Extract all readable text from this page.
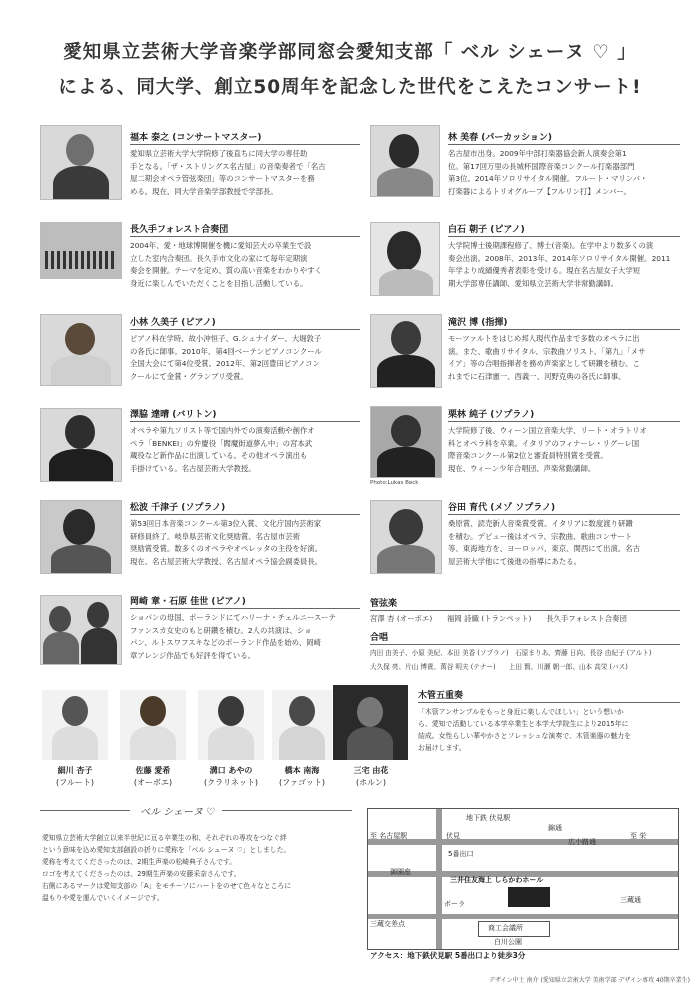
愛知県立芸術大学音楽学部同窓会愛知支部「 ベル シェーヌ ♡ 」
による、同大学、創立50周年を記念した世代をこえたコンサート!
福本 泰之 (コンサートマスター)
愛知県立芸術大学大学院修了後直ちに同大学の専任助
手となる。「ザ・ストリングス名古屋」の音楽奏者で「名古
屋二期会オペラ管弦楽団」等のコンサートマスターを務
める。現在、同大学音楽学部教授で学部長。
長久手フォレスト合奏団
2004年、愛・地球博開催を機に愛知芸大の卒業生で設
立した室内合奏団。長久手市文化の家にて毎年定期演
奏会を開催。テーマを定め、質の高い音楽をわかりやすく
身近に楽しんでいただくことを目指し活動している。
小林 久美子 (ピアノ)
ピアノ科在学時、故小沖恒子、G.シュナイダー、大堀敦子
の各氏に師事。2010年、第4回ベーテンピアノコンクール
全国大会にて第4位受賞。2012年、第2回豊田ピアノコン
クールにて金賞・グランプリ受賞。
澤脇 達晴 (バリトン)
オペラや第九ソリスト等で国内外での演奏活動や創作オ
ペラ「BENKEI」の弁慶役「閻魔街道夢ん中」の宮本武
蔵役など新作品に出演している。その他オペラ演出も
手掛けている。名古屋芸術大学教授。
松波 千津子 (ソプラノ)
第53回日本音楽コンクール第3位入賞、文化庁国内芸術家
研修員終了。岐阜県芸術文化奨励賞、名古屋市芸術
奨励賞受賞。数多くのオペラやオペレッタの主役を好演。
現在、名古屋芸術大学教授、名古屋オペラ協会副委員長。
岡崎 章・石原 佳世 (ピアノ)
ショパンの母国、ポーランドにてハリーナ・チェルニースーテ
ファンスカ女史のもと研鑽を積む。2人の共演は、ショ
パン、ルトスワフスキなどのポーランド作品を始め、岡崎
章アレンジ作品でも好評を得ている。
林 美春 (パーカッション)
名古屋市出身。2009年中部打楽器協会新人演奏会第1
位。第17回万里の長城杯国際音楽コンクール打楽器部門
第3位。2014年ソロリサイタル開催。フルート・マリンバ・
打楽器によるトリオグループ【フルリン打】メンバー。
白石 朝子 (ピアノ)
大学院博士後期課程修了、博士(音楽)。在学中より数多くの演
奏会出演。2008年、2013年、2014年ソロリサイタル開催。2011
年学より成績優秀者表彰を受ける。現在名古屋女子大学短
期大学部専任講師、愛知県立芸術大学非常勤講師。
滝沢 博 (指揮)
モーツァルトをはじめ邦人現代作品まで多数のオペラに出
演。また、歌曲リサイタル、宗教曲ソリスト、「第九」「メサ
イア」等の合唱指揮者を務め声楽家として研鑽を積む。こ
れまでに石津憲一、西義一、河野克典の各氏に師事。
Photo:Lukas Beck
栗林 純子 (ソプラノ)
大学院修了後、ウィーン国立音楽大学、リート・オラトリオ
科とオペラ科を卒業。イタリアのフィナーレ・リグーレ国
際音楽コンクール第2位と審査員特別賞を受賞。
現在、ウィーン少年合唱団、声楽常勤講師。
谷田 育代 (メゾ ソプラノ)
桑原賞、読売新人音楽賞受賞。イタリアに数度渡り研鑽
を積む。デビュー後はオペラ、宗教曲、歌曲コンサート
等、東海地方を、ヨーロッパ、東京、関西にて出演。名古
屋芸術大学他にて後進の指導にあたる。
管弦楽
宮澤 杏 (オーボエ)　　福岡 詩織 (トランペット)　　長久手フォレスト合奏団
合唱
内田 由美子、小原 美紀、本田 美香 (ソプラノ)　石原まりあ、齊藤 日向、長谷 由紀子 (アルト)
大久保 亮、片山 博貴、萬谷 明夫 (テナー)　　上田 賢、川瀬 朝一郎、山本 高栄 (バス)
細川 杏子
(フルート)
佐藤 愛希
(オーボエ)
溝口 あやの
(クラリネット)
橋本 南海
(ファゴット)
三宅 由花
(ホルン)
木管五重奏
「木管アンサンブルをもっと身近に楽しんでほしい」という想いか
ら、愛知で活動している本学卒業生と本学大学院生により2015年に
結成。女性らしい華やかさとフレッシュな演奏で、木管楽器の魅力を
お届けします。
ベル シェーヌ ♡
愛知県立芸術大学創立以来半世紀に亘る卒業生の和、それぞれの専攻をつなぐ絆
という意味を込め愛知支部創設の折りに愛称を「ベル シェーヌ ♡」としました。
愛称を考えてくださったのは、2期生声楽の松崎典子さんです。
ロゴを考えてくださったのは、29期生声楽の安藤采奈さんです。
右側にあるマークは愛知支部の「A」をモチーフにハートをのせて色々なところに
温もりや愛を運んでいくイメージです。
地下鉄 伏見駅
至 名古屋駅	至 栄
伏見
広小路通
錦通
5番出口
御園座
三井住友海上 しらかわホール
三蔵通
ボーラ
商工会議所
白川公園
三蔵交差点
アクセス：地下鉄伏見駅 5番出口より徒歩3分
デザイン中土 南介 (愛知県立芸術大学 美術学部 デザイン専攻 40期卒業生)
